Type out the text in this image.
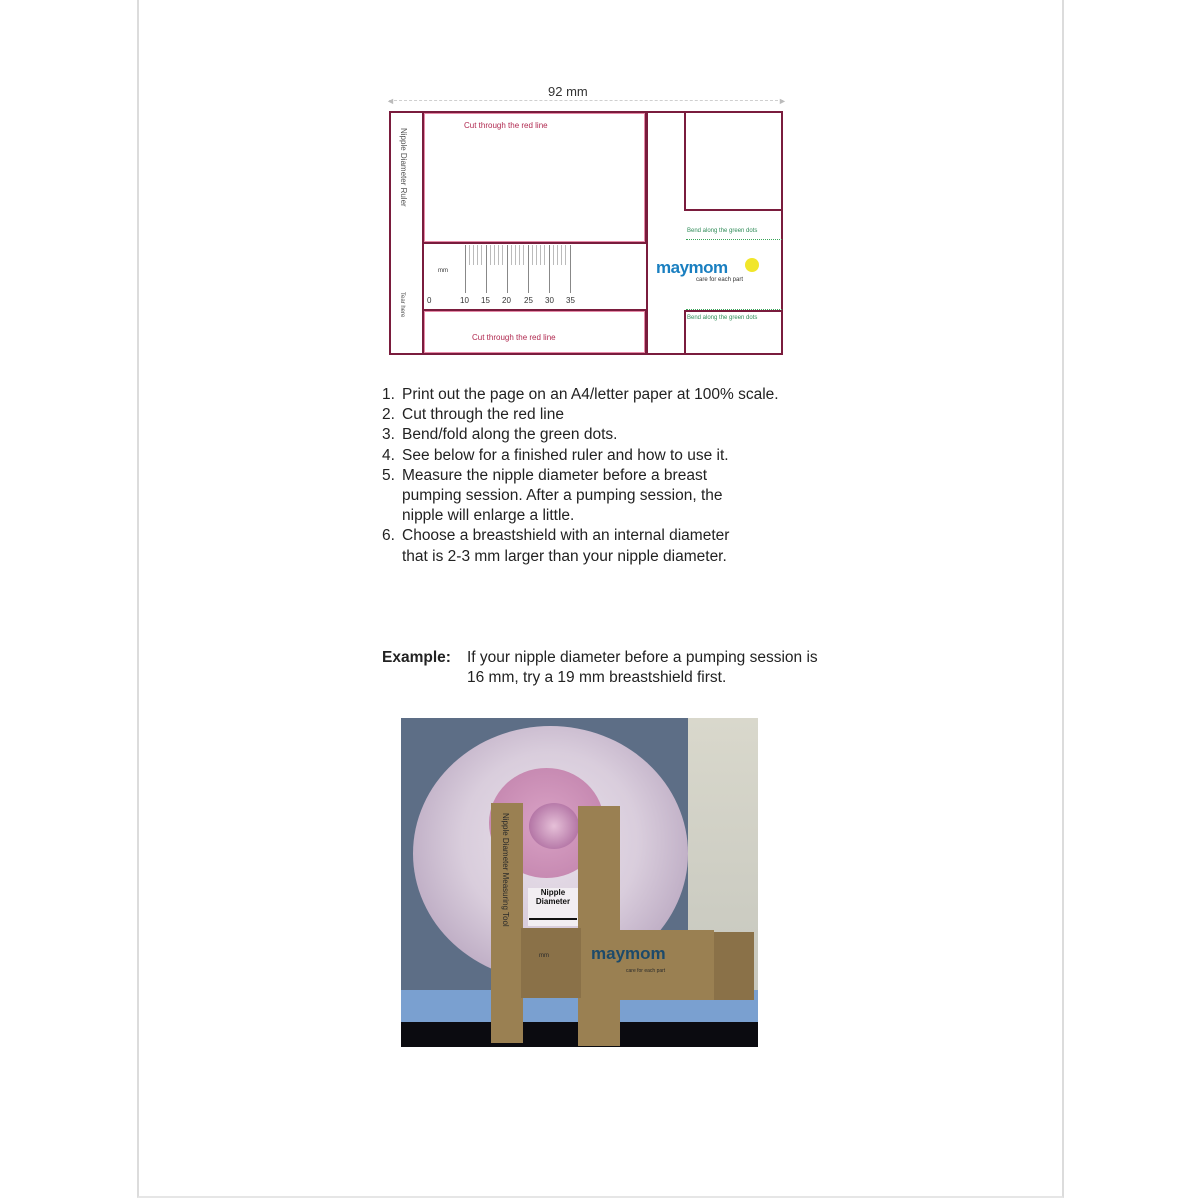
92 mm
◄	►
Nipple Diameter Ruler
Tear here
Cut through the red line
Cut through the red line
Bend along the green dots
Bend along the green dots
mm
0	10 15 20 25 30 35
maymom
care for each part
1. Print out the page on an A4/letter paper at 100% scale.
2. Cut through the red line
3. Bend/fold along the green dots.
4. See below for a finished ruler and how to use it.
5. Measure the nipple diameter before a breast pumping session. After a pumping session, the nipple will enlarge a little.
6. Choose a breastshield with an internal diameter that is 2-3 mm larger than your nipple diameter.
Example: If your nipple diameter before a pumping session is 16 mm, try a 19 mm breastshield first.
Nipple Diameter Measuring Tool
mm
Nipple Diameter
maymom
care for each part
